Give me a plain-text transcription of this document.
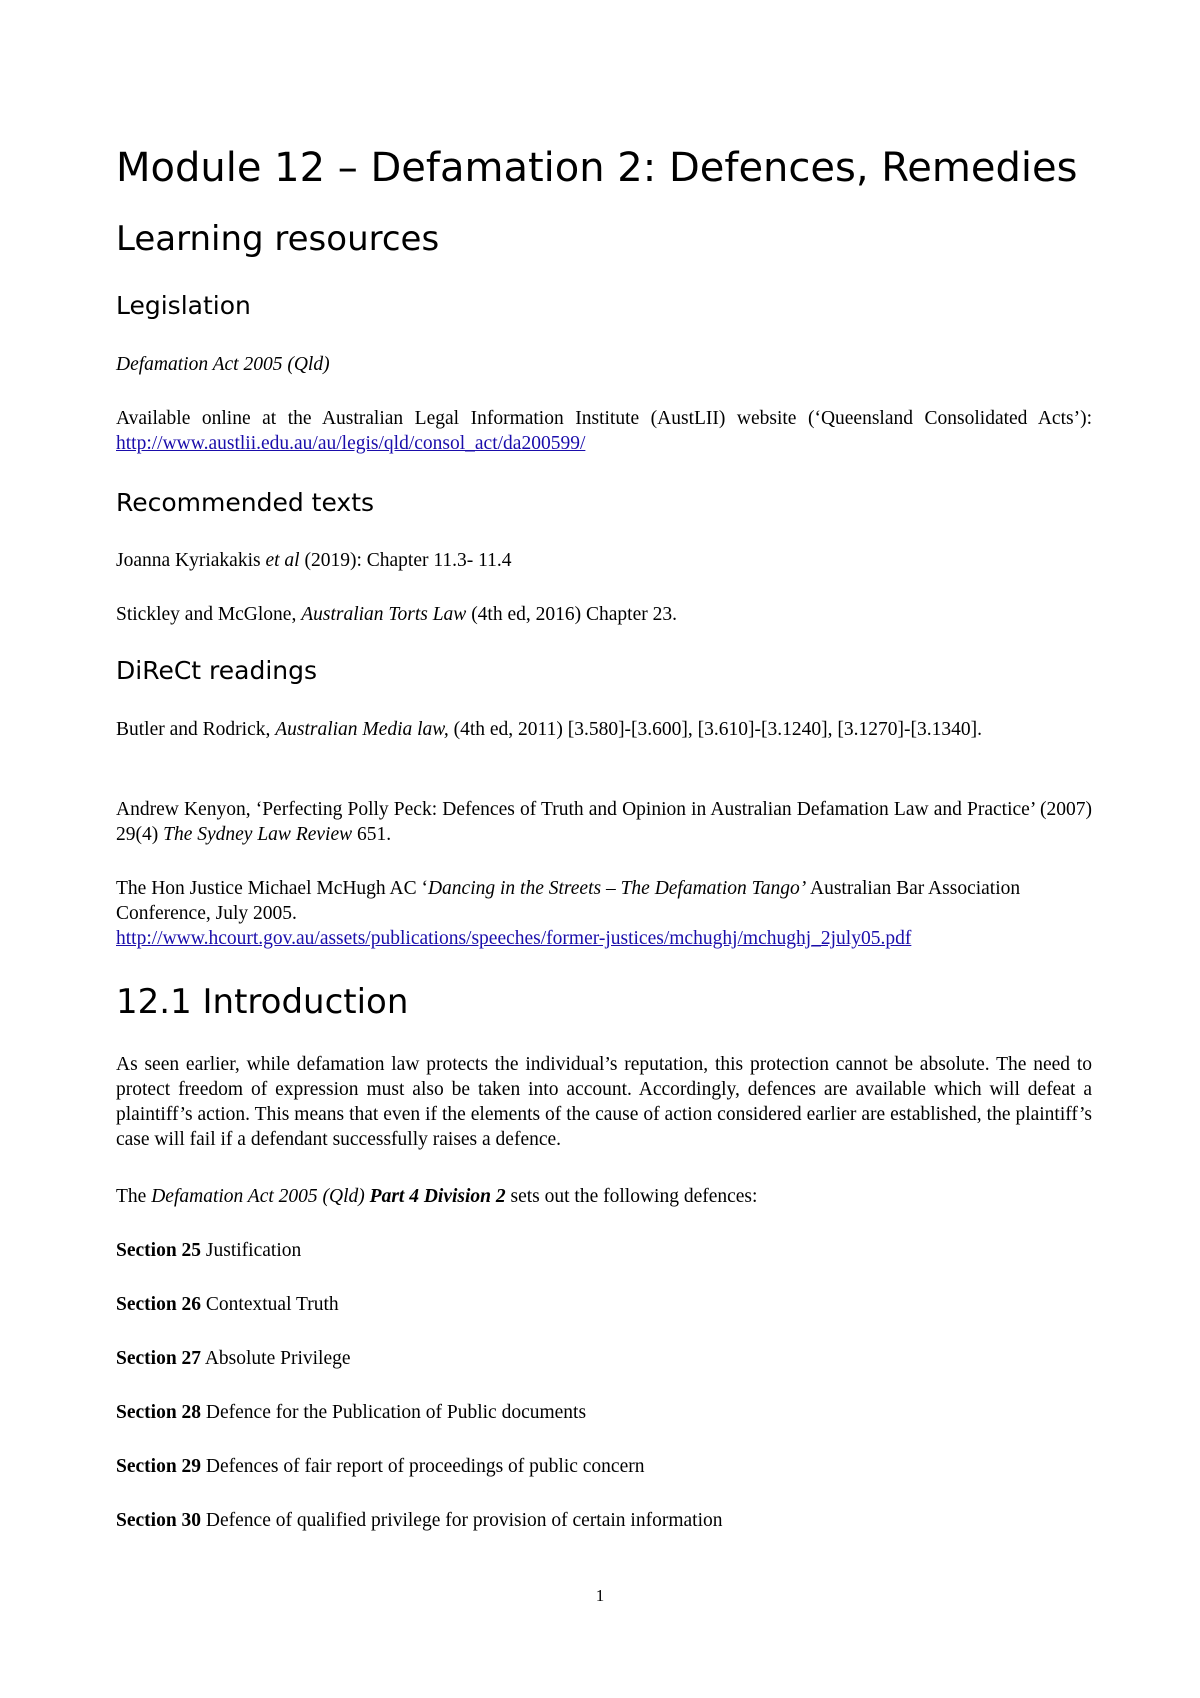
Module 12 – Defamation 2: Defences, Remedies
Learning resources
Legislation

Defamation Act 2005 (Qld)

Available online at the Australian Legal Information Institute (AustLII) website (‘Queensland Consolidated Acts’): http://www.austlii.edu.au/au/legis/qld/consol_act/da200599/

Recommended texts

Joanna Kyriakakis et al (2019): Chapter 11.3- 11.4

Stickley and McGlone, Australian Torts Law (4th ed, 2016) Chapter 23.

DiReCt readings

Butler and Rodrick, Australian Media law, (4th ed, 2011) [3.580]-[3.600], [3.610]-[3.1240], [3.1270]-[3.1340].

Andrew Kenyon, ‘Perfecting Polly Peck: Defences of Truth and Opinion in Australian Defamation Law and Practice’ (2007) 29(4) The Sydney Law Review 651.

The Hon Justice Michael McHugh AC ‘Dancing in the Streets – The Defamation Tango’ Australian Bar Association Conference, July 2005.
http://www.hcourt.gov.au/assets/publications/speeches/former-justices/mchughj/mchughj_2july05.pdf

12.1 Introduction

As seen earlier, while defamation law protects the individual’s reputation, this protection cannot be absolute. The need to protect freedom of expression must also be taken into account. Accordingly, defences are available which will defeat a plaintiff’s action. This means that even if the elements of the cause of action considered earlier are established, the plaintiff’s case will fail if a defendant successfully raises a defence.

The Defamation Act 2005 (Qld) Part 4 Division 2 sets out the following defences:

Section 25 Justification

Section 26 Contextual Truth

Section 27 Absolute Privilege

Section 28 Defence for the Publication of Public documents

Section 29 Defences of fair report of proceedings of public concern

Section 30 Defence of qualified privilege for provision of certain information

1
